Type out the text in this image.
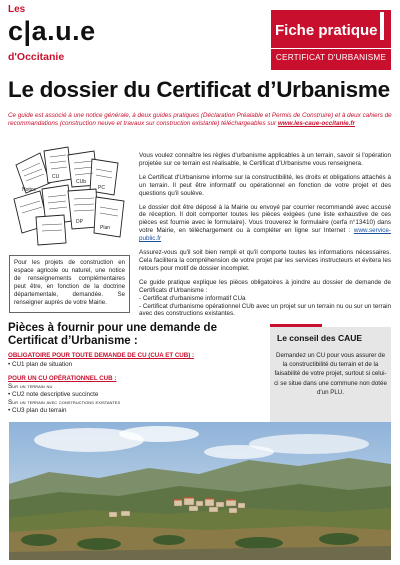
Les
c|a.u.e
d'Occitanie
Fiche pratique
CERTIFICAT D'URBANISME
Le dossier du Certificat d’Urbanisme
Ce guide est associé à une notice générale, à deux guides pratiques (Déclaration Préalable et Permis de Construire) et à deux cahiers de recommandations (construction neuve et travaux sur construction existante) téléchargeables sur www.les-caue-occitanie.fr
Notice
CU
CUb
PC
DP
Plan
Pour les projets de construction en espace agricole ou naturel, une notice de renseignements complémentaires peut être, en fonction de la doctrine départementale, demandée. Se renseigner auprès de votre Mairie.

Vous voulez connaître les règles d'urbanisme applicables à un terrain, savoir si l'opération projetée sur ce terrain est réalisable, le Certificat d'Urbanisme vous renseignera.

Le Certificat d'Urbanisme informe sur la constructibilité, les droits et obligations attachés à un terrain. Il peut être informatif ou opérationnel en fonction de votre projet et des questions qu'il soulève.

Le dossier doit être déposé à la Mairie ou envoyé par courrier recommandé avec accusé de réception. Il doit comporter toutes les pièces exigées (une liste exhaustive de ces pièces est fournie avec le formulaire). Vous trouverez le formulaire (cerfa n°13410) dans votre Mairie, en téléchargement ou à compléter en ligne sur Internet : www.service-public.fr

Assurez-vous qu'il soit bien rempli et qu'il comporte toutes les informations nécessaires. Cela facilitera la compréhension de votre projet par les services instructeurs et évitera les retours pour motif de dossier incomplet.

Ce guide pratique explique les pièces obligatoires à joindre au dossier de demande de Certificats d'Urbanisme :
- Certificat d'urbanisme informatif CUa
- Certificat d'urbanisme opérationnel CUb avec un projet sur un terrain nu ou sur un terrain avec des constructions existantes.

Pièces à fournir pour une demande de Certificat d’Urbanisme :
OBLIGATOIRE POUR TOUTE DEMANDE DE CU (CUA ET CUB) :
• CU1 plan de situation
POUR UN CU OPÉRATIONNEL CUB :
Sur un terrain nu
• CU2 note descriptive succincte
Sur un terrain avec constructions existantes
• CU3 plan du terrain
Le conseil des CAUE
Demandez un CU pour vous assurer de la constructibilité du terrain et de la faisabilité de votre projet, surtout si celui-ci se situe dans une commune non dotée d'un PLU.
